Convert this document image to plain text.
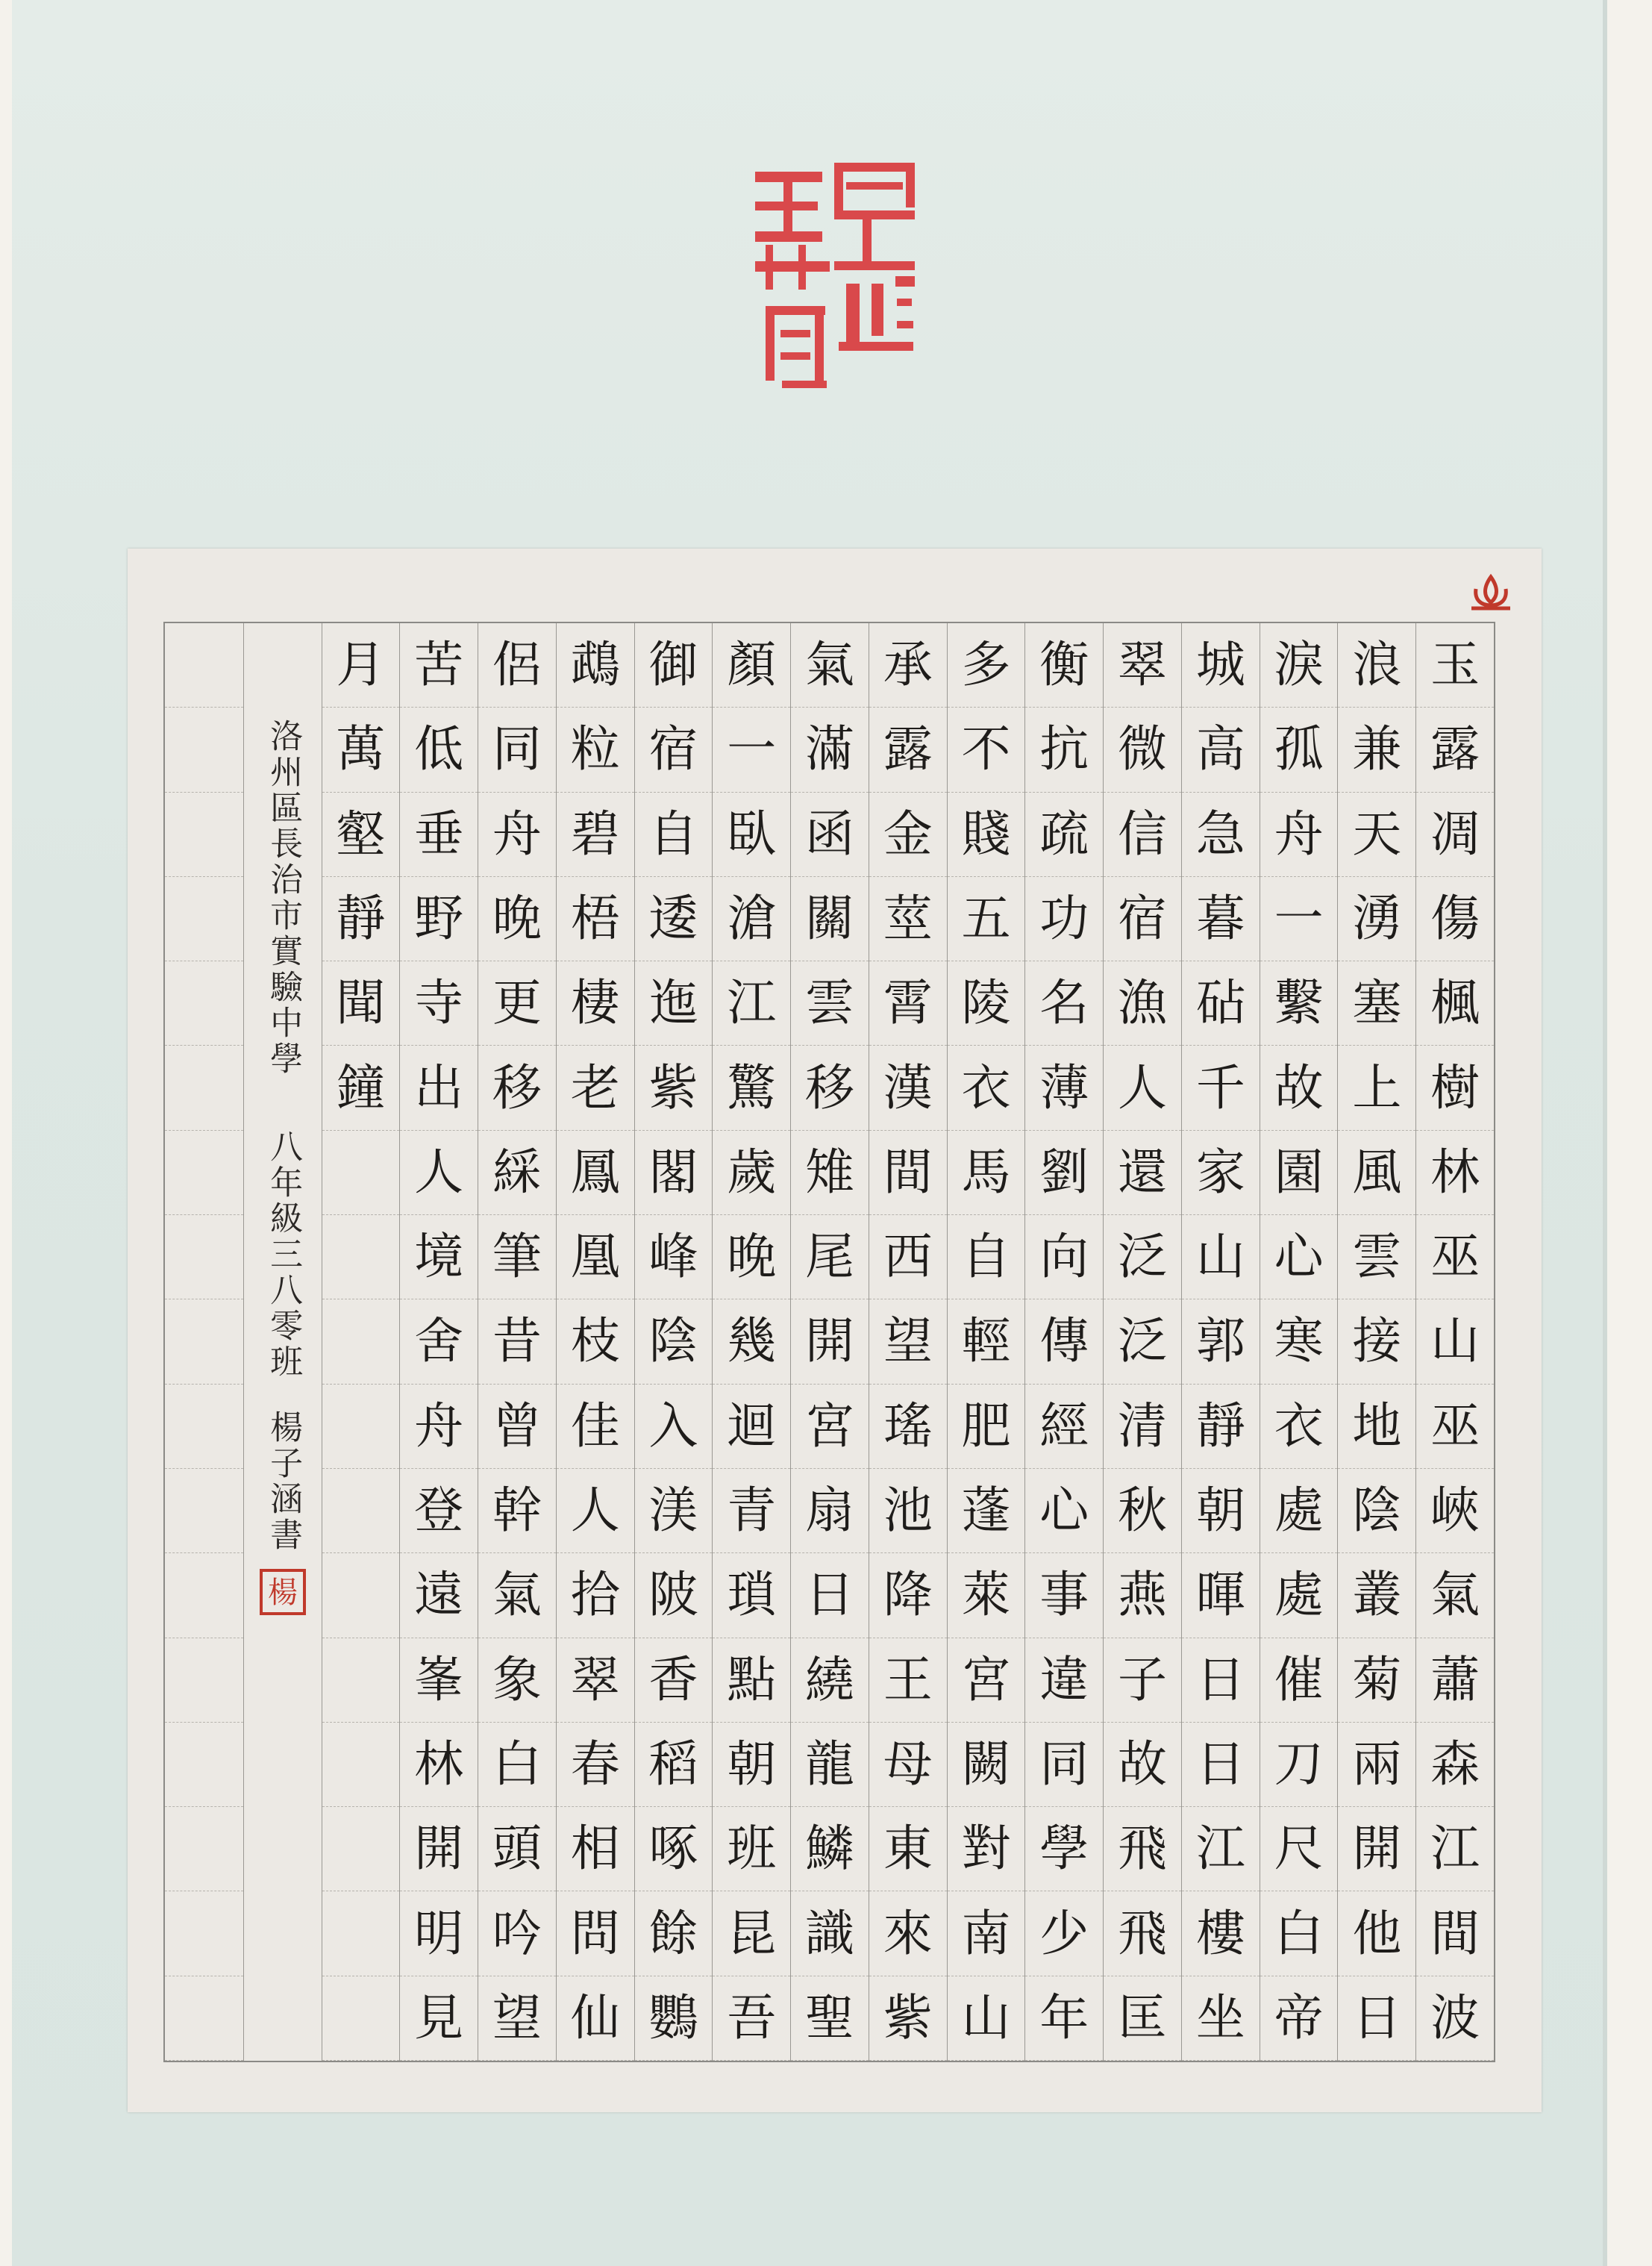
玉
露
凋
傷
楓
樹
林
巫
山
巫
峽
氣
蕭
森
江
間
波
浪
兼
天
湧
塞
上
風
雲
接
地
陰
叢
菊
兩
開
他
日
淚
孤
舟
一
繫
故
園
心
寒
衣
處
處
催
刀
尺
白
帝
城
高
急
暮
砧
千
家
山
郭
靜
朝
暉
日
日
江
樓
坐
翠
微
信
宿
漁
人
還
泛
泛
清
秋
燕
子
故
飛
飛
匡
衡
抗
疏
功
名
薄
劉
向
傳
經
心
事
違
同
學
少
年
多
不
賤
五
陵
衣
馬
自
輕
肥
蓬
萊
宮
闕
對
南
山
承
露
金
莖
霄
漢
間
西
望
瑤
池
降
王
母
東
來
紫
氣
滿
函
關
雲
移
雉
尾
開
宮
扇
日
繞
龍
鱗
識
聖
顏
一
臥
滄
江
驚
歲
晚
幾
迴
青
瑣
點
朝
班
昆
吾
御
宿
自
逶
迤
紫
閣
峰
陰
入
渼
陂
香
稻
啄
餘
鸚
鵡
粒
碧
梧
棲
老
鳳
凰
枝
佳
人
拾
翠
春
相
問
仙
侶
同
舟
晚
更
移
綵
筆
昔
曾
幹
氣
象
白
頭
吟
望
苦
低
垂
野
寺
出
人
境
舍
舟
登
遠
峯
林
開
明
見
月
萬
壑
靜
聞
鐘
洛州區長治市實驗中學
八年級三八零班
楊子涵書
楊
